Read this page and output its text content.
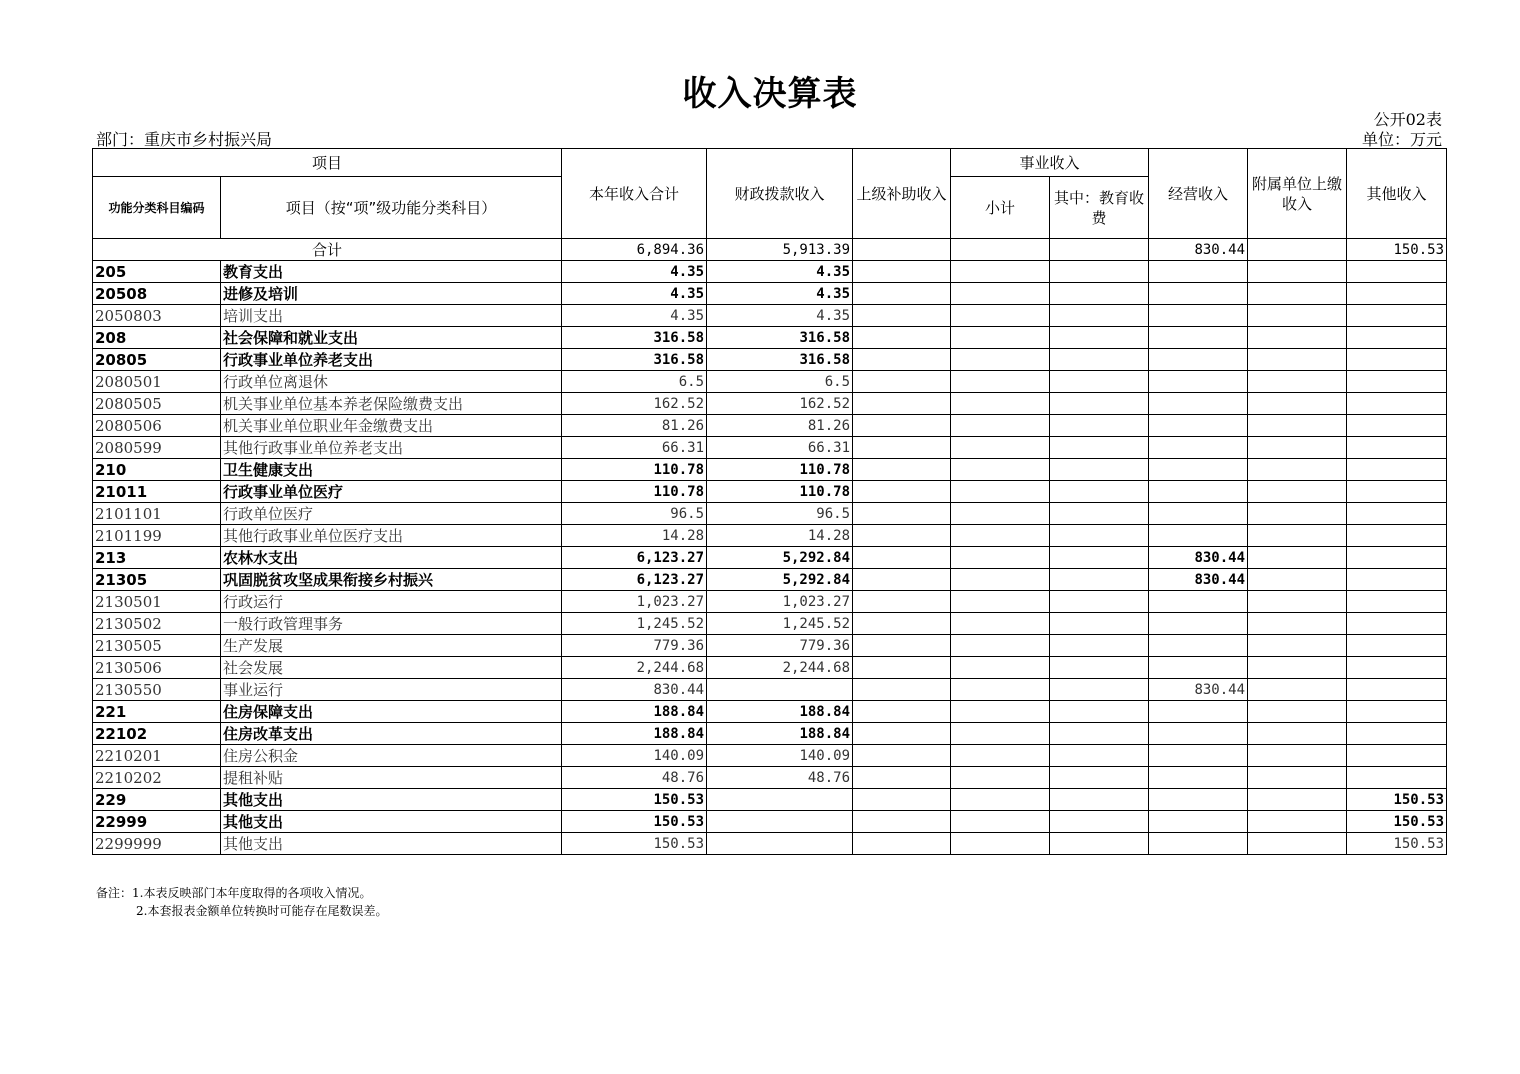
收入决算表
公开02表
部门：重庆市乡村振兴局	单位：万元
项目		本年收入合计	财政拨款收入	上级补助收入	事业收入		经营收入	附属单位上缴收入	其他收入
功能分类科目编码	项目（按“项”级功能分类科目）				小计	其中：教育收费			
合计		6,894.36	5,913.39				830.44		150.53
205	教育支出	4.35	4.35						
20508	进修及培训	4.35	4.35						
2050803	培训支出	4.35	4.35						
208	社会保障和就业支出	316.58	316.58						
20805	行政事业单位养老支出	316.58	316.58						
2080501	行政单位离退休	6.5	6.5						
2080505	机关事业单位基本养老保险缴费支出	162.52	162.52						
2080506	机关事业单位职业年金缴费支出	81.26	81.26						
2080599	其他行政事业单位养老支出	66.31	66.31						
210	卫生健康支出	110.78	110.78						
21011	行政事业单位医疗	110.78	110.78						
2101101	行政单位医疗	96.5	96.5						
2101199	其他行政事业单位医疗支出	14.28	14.28						
213	农林水支出	6,123.27	5,292.84				830.44		
21305	巩固脱贫攻坚成果衔接乡村振兴	6,123.27	5,292.84				830.44		
2130501	行政运行	1,023.27	1,023.27						
2130502	一般行政管理事务	1,245.52	1,245.52						
2130505	生产发展	779.36	779.36						
2130506	社会发展	2,244.68	2,244.68						
2130550	事业运行	830.44					830.44		
221	住房保障支出	188.84	188.84						
22102	住房改革支出	188.84	188.84						
2210201	住房公积金	140.09	140.09						
2210202	提租补贴	48.76	48.76						
229	其他支出	150.53							150.53
22999	其他支出	150.53							150.53
2299999	其他支出	150.53							150.53
备注：1.本表反映部门本年度取得的各项收入情况。
2.本套报表金额单位转换时可能存在尾数误差。
